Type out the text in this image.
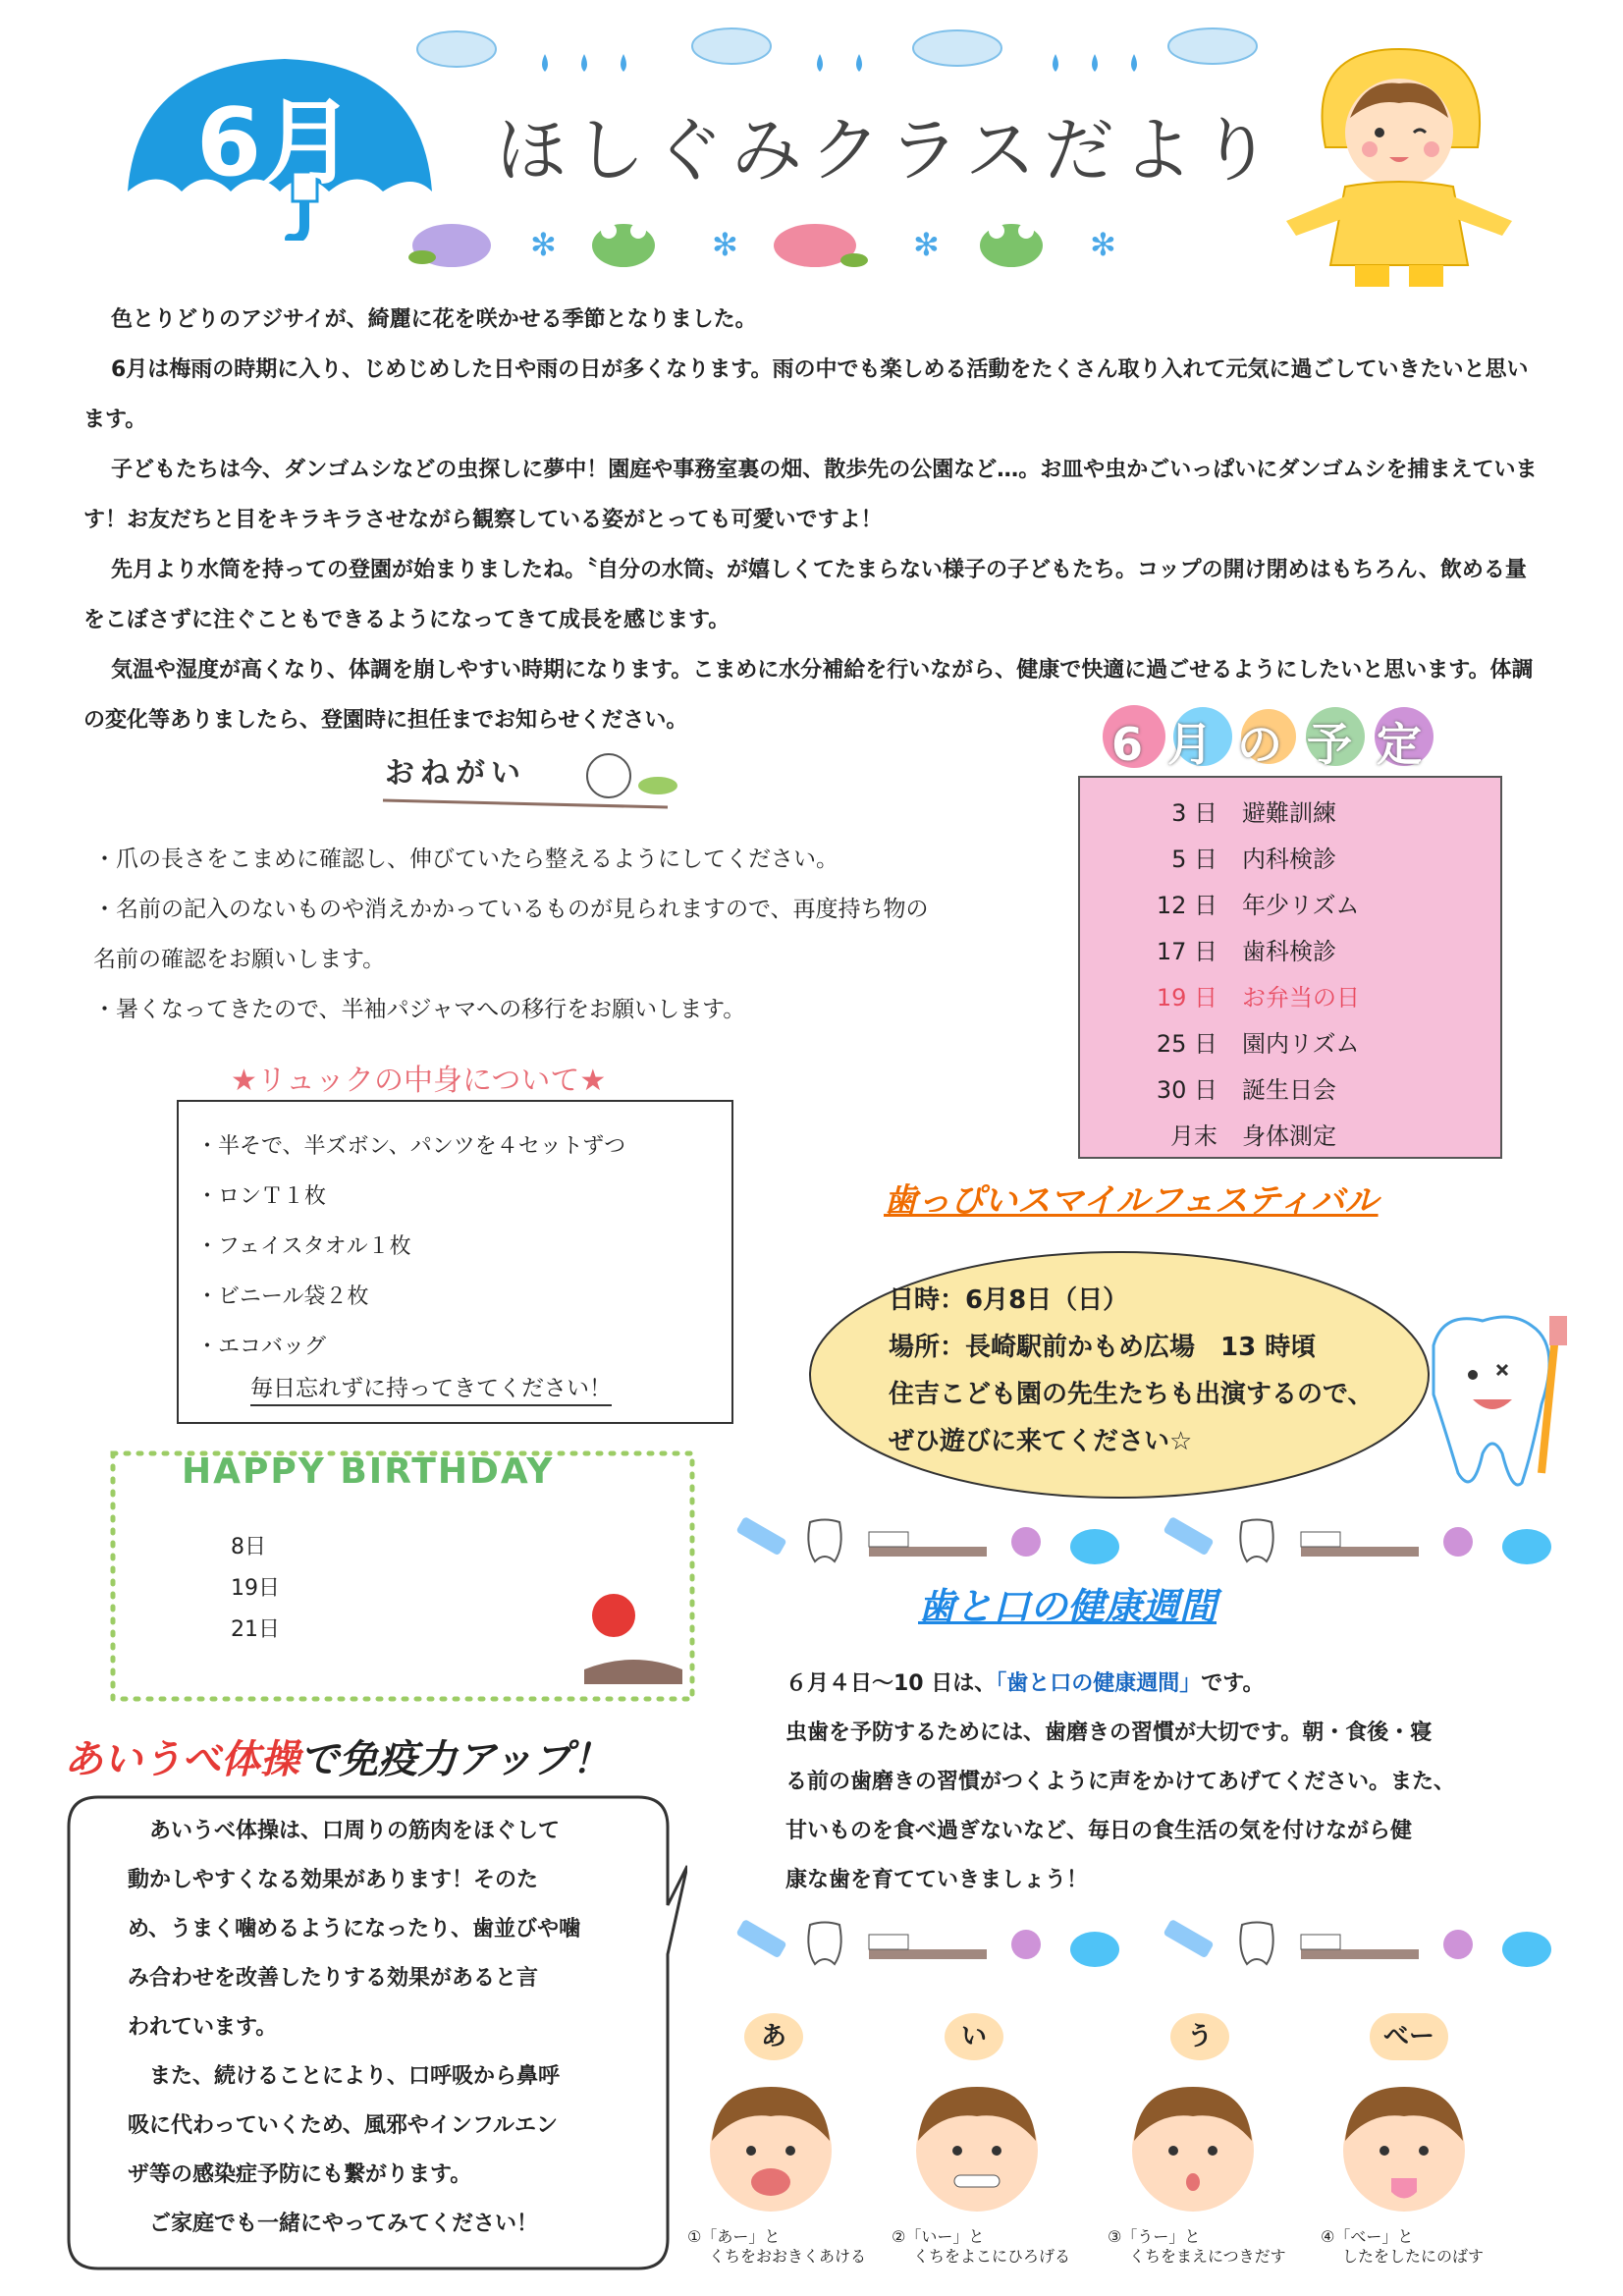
6月 ほしぐみクラスだより
✻	✻	✻	✻

色とりどりのアジサイが、綺麗に花を咲かせる季節となりました。

6月は梅雨の時期に入り、じめじめした日や雨の日が多くなります。雨の中でも楽しめる活動をたくさん取り入れて元気に過ごしていきたいと思います。

子どもたちは今、ダンゴムシなどの虫探しに夢中！園庭や事務室裏の畑、散歩先の公園など…。お皿や虫かごいっぱいにダンゴムシを捕まえています！お友だちと目をキラキラさせながら観察している姿がとっても可愛いですよ！

先月より水筒を持っての登園が始まりましたね。〝自分の水筒〟が嬉しくてたまらない様子の子どもたち。コップの開け閉めはもちろん、飲める量をこぼさずに注ぐこともできるようになってきて成長を感じます。

気温や湿度が高くなり、体調を崩しやすい時期になります。こまめに水分補給を行いながら、健康で快適に過ごせるようにしたいと思います。体調の変化等ありましたら、登園時に担任までお知らせください。

おねがい
・爪の長さをこまめに確認し、伸びていたら整えるようにしてください。
・名前の記入のないものや消えかかっているものが見られますので、再度持ち物の
名前の確認をお願いします。
・暑くなってきたので、半袖パジャマへの移行をお願いします。
★リュックの中身について★
・半そで、半ズボン、パンツを４セットずつ
・ロンＴ１枚
・フェイスタオル１枚
・ビニール袋２枚
・エコバッグ
毎日忘れずに持ってきてください！
6月の予定
3 日 避難訓練
5 日 内科検診
12 日 年少リズム
17 日 歯科検診
19 日 お弁当の日
25 日 園内リズム
30 日 誕生日会
月末 身体測定
歯っぴいスマイルフェスティバル
日時：6月8日（日）
場所：長崎駅前かもめ広場　13 時頃
住吉こども園の先生たちも出演するので、
ぜひ遊びに来てください☆
歯と口の健康週間

６月４日～10 日は、「歯と口の健康週間」です。

虫歯を予防するためには、歯磨きの習慣が大切です。朝・食後・寝

る前の歯磨きの習慣がつくように声をかけてあげてください。また、

甘いものを食べ過ぎないなど、毎日の食生活の気を付けながら健

康な歯を育てていきましょう！

HAPPY BIRTHDAY
8日
19日
21日
あいうべ体操で免疫力アップ！

あいうべ体操は、口周りの筋肉をほぐして

動かしやすくなる効果があります！そのた

め、うまく噛めるようになったり、歯並びや噛

み合わせを改善したりする効果があると言

われています。

また、続けることにより、口呼吸から鼻呼

吸に代わっていくため、風邪やインフルエン

ザ等の感染症予防にも繋がります。

ご家庭でも一緒にやってみてください！

あ	い	う	べー
①「あー」と
くちをおおきくあける
②「いー」と
くちをよこにひろげる
③「うー」と
くちをまえにつきだす
④「べー」と
したをしたにのばす
